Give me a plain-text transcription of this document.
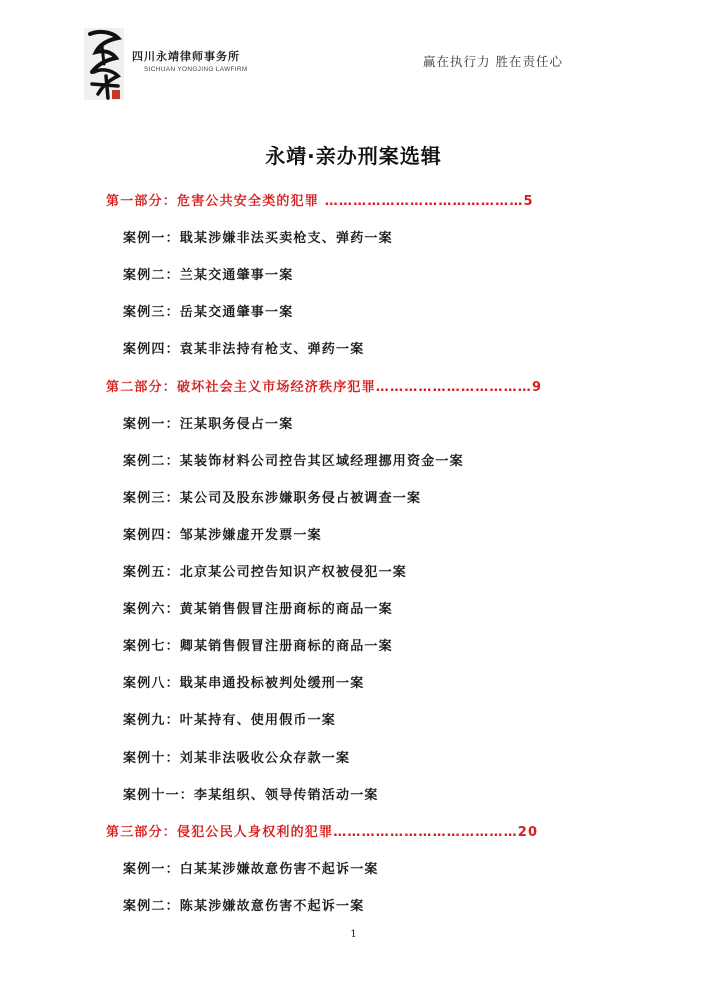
四川永靖律师事务所
SICHUAN YONGJING LAWFIRM
赢在执行力 胜在责任心
永靖·亲办刑案选辑
第一部分：危害公共安全类的犯罪 ……………………………………5
案例一：戢某涉嫌非法买卖枪支、弹药一案
案例二：兰某交通肇事一案
案例三：岳某交通肇事一案
案例四：袁某非法持有枪支、弹药一案
第二部分：破坏社会主义市场经济秩序犯罪……………………………9
案例一：汪某职务侵占一案
案例二：某装饰材料公司控告其区域经理挪用资金一案
案例三：某公司及股东涉嫌职务侵占被调查一案
案例四：邹某涉嫌虚开发票一案
案例五：北京某公司控告知识产权被侵犯一案
案例六：黄某销售假冒注册商标的商品一案
案例七：卿某销售假冒注册商标的商品一案
案例八：戢某串通投标被判处缓刑一案
案例九：叶某持有、使用假币一案
案例十：刘某非法吸收公众存款一案
案例十一：李某组织、领导传销活动一案
第三部分：侵犯公民人身权利的犯罪…………………………………20
案例一：白某某涉嫌故意伤害不起诉一案
案例二：陈某涉嫌故意伤害不起诉一案
1
